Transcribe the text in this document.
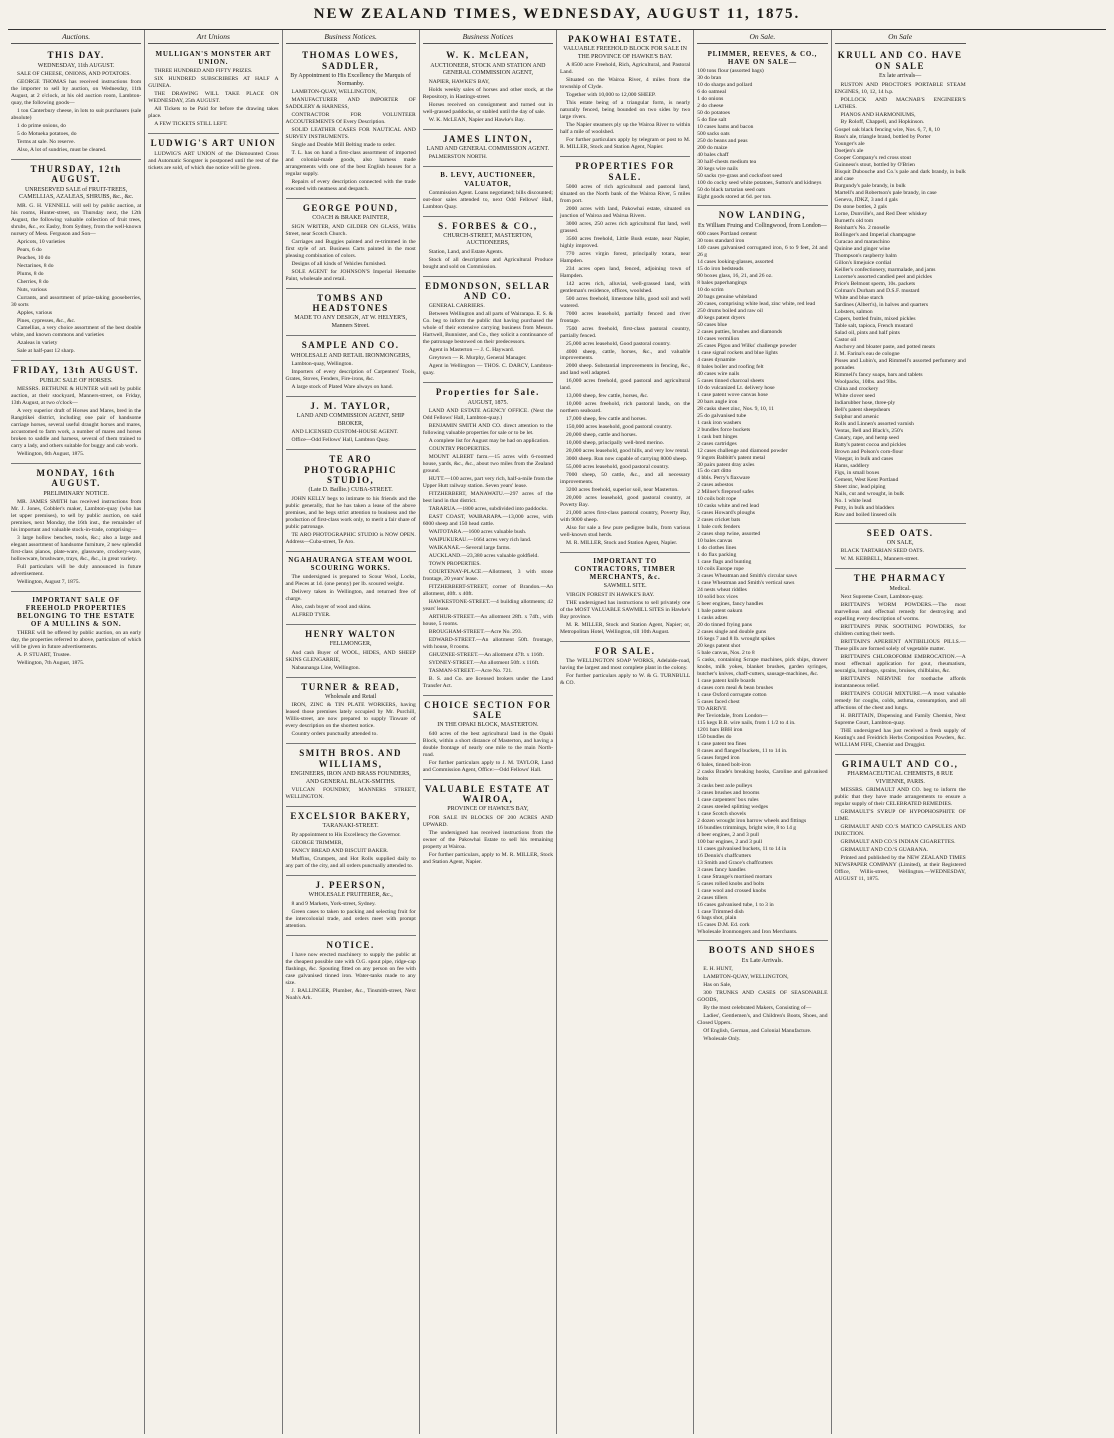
NEW ZEALAND TIMES, WEDNESDAY, AUGUST 11, 1875.
Auctions.
THIS DAY.
WEDNESDAY, 11th AUGUST.

SALE OF CHEESE, ONIONS, AND POTATOES.

GEORGE THOMAS has received instructions from the importer to sell by auction, on Wednesday, 11th August, at 2 o'clock, at his old auction room, Lambton-quay, the following goods—

1 ton Canterbury cheese, in lots to suit purchasers (sale absolute)

1 do prime onions, do

5 do Motueka potatoes, do

Terms at sale. No reserve.

Also, A lot of sundries, must be cleared.

THURSDAY, 12th AUGUST.
UNRESERVED SALE of FRUIT-TREES, CAMELLIAS, AZALEAS, SHRUBS, &c., &c.

MR. G. H. VENNELL will sell by public auction, at his rooms, Hunter-street, on Thursday next, the 12th August, the following valuable collection of fruit trees, shrubs, &c., ex Easby, from Sydney, from the well-known nursery of Mess. Ferguson and Son—

Apricots, 10 varieties

Pears, 6 do

Peaches, 10 do

Nectarines, 8 do

Plums, 8 do

Cherries, 8 do

Nuts, various

Currants, and assortment of prize-taking gooseberries, 30 sorts

Apples, various

Pines, cypresses, &c., &c.

Camellias, a very choice assortment of the best double white, and known commons and varieties

Azaleas in variety

Sale at half-past 12 sharp.

FRIDAY, 13th AUGUST.
PUBLIC SALE OF HORSES.

MESSRS. BETHUNE & HUNTER will sell by public auction, at their stockyard, Manners-street, on Friday, 13th August, at two o'clock—

A very superior draft of Horses and Mares, bred in the Rangitikei district, including one pair of handsome carriage horses, several useful draught horses and mares, accustomed to farm work, a number of mares and horses broken to saddle and harness, several of them trained to carry a lady, and others suitable for buggy and cab work.

Wellington, 6th August, 1875.

MONDAY, 16th AUGUST.
PRELIMINARY NOTICE.

MR. JAMES SMITH has received instructions from Mr. J. Jones, Cobbler's maker, Lambton-quay (who has let upper premises), to sell by public auction, on said premises, next Monday, the 16th inst., the remainder of his important and valuable stock-in-trade, comprising—

3 large hollow benches, tools, &c.; also a large and elegant assortment of handsome furniture, 2 new splendid first-class pianos, plate-ware, glassware, crockery-ware, hollowware, brushware, trays, &c., &c., in great variety.

Full particulars will be duly announced in future advertisement.

Wellington, August 7, 1875.

IMPORTANT SALE OF FREEHOLD PROPERTIES BELONGING TO THE ESTATE OF A MULLINS & SON.

THERE will be offered by public auction, on an early day, the properties referred to above, particulars of which will be given in future advertisements.

A. P. STUART, Trustee.

Wellington, 7th August, 1875.

Art Unions
MULLIGAN'S MONSTER ART UNION.

THREE HUNDRED AND FIFTY PRIZES.

SIX HUNDRED SUBSCRIBERS AT HALF A GUINEA.

THE DRAWING WILL TAKE PLACE ON WEDNESDAY, 25th AUGUST.

All Tickets to be Paid for before the drawing takes place.

A FEW TICKETS STILL LEFT.

LUDWIG'S ART UNION

LUDWIG'S ART UNION of the Dismounted Cross and Automatic Songster is postponed until the rest of the tickets are sold, of which due notice will be given.

Business Notices.
THOMAS LOWES, SADDLER,
By Appointment to His Excellency the Marquis of Normanby.

LAMBTON-QUAY, WELLINGTON,

MANUFACTURER AND IMPORTER OF SADDLERY & HARNESS,

CONTRACTOR FOR VOLUNTEER ACCOUTREMENTS Of Every Description.

SOLID LEATHER CASES FOR NAUTICAL AND SURVEY INSTRUMENTS.

Single and Double Mill Belting made to order.

T. L. has on hand a first-class assortment of imported and colonial-made goods, also harness made arrangements with one of the best English houses for a regular supply.

Repairs of every description connected with the trade executed with neatness and despatch.

GEORGE POUND,
COACH & BRAKE PAINTER,

SIGN WRITER, AND GILDER ON GLASS, Willis Street, near Scotch Church.

Carriages and Buggies painted and re-trimmed in the first style of art. Business Carts painted in the most pleasing combination of colors.

Designs of all kinds of Vehicles furnished.

SOLE AGENT for JOHNSON'S Imperial Hematite Paint, wholesale and retail.

TOMBS AND HEADSTONES
MADE TO ANY DESIGN, AT W. HELYER'S, Manners Street.
SAMPLE AND CO.
WHOLESALE AND RETAIL IRONMONGERS,

Lambton-quay, Wellington.

Importers of every description of Carpenters' Tools, Grates, Stoves, Fenders, Fire-irons, &c.

A large stock of Plated Ware always on hand.

J. M. TAYLOR,
LAND AND COMMISSION AGENT, SHIP BROKER,

AND LICENSED CUSTOM-HOUSE AGENT.

Office—Odd Fellows' Hall, Lambton Quay.

TE ARO PHOTOGRAPHIC STUDIO,
(Late D. Baillie.) CUBA-STREET.

JOHN KELLY begs to intimate to his friends and the public generally, that he has taken a lease of the above premises, and he begs strict attention to business and the production of first-class work only, to merit a fair share of public patronage.

TE ARO PHOTOGRAPHIC STUDIO is NOW OPEN. Address—Cuba-street, Te Aro.

NGAHAURANGA STEAM WOOL SCOURING WORKS.

The undersigned is prepared to Scour Wool, Locks, and Pieces at 1d. (one penny) per lb. scoured weight.

Delivery taken in Wellington, and returned free of charge.

Also, cash buyer of wool and skins.

ALFRED TYER.

HENRY WALTON
FELLMONGER,

And cash Buyer of WOOL, HIDES, AND SHEEP SKINS GLENGARRIE,

Nabaunanga Line, Wellington.

TURNER & READ,
Wholesale and Retail

IRON, ZINC & TIN PLATE WORKERS, having leased those premises lately occupied by Mr. Purchill, Willis-street, are now prepared to supply Tinware of every description on the shortest notice.

Country orders punctually attended to.

SMITH BROS. AND WILLIAMS,
ENGINEERS, IRON AND BRASS FOUNDERS, AND GENERAL BLACK-SMITHS.

VULCAN FOUNDRY, MANNERS STREET, WELLINGTON.

EXCELSIOR BAKERY,
TARANAKI-STREET.

By appointment to His Excellency the Governor.

GEORGE TRIMMER,

FANCY BREAD AND BISCUIT BAKER.

Muffins, Crumpets, and Hot Rolls supplied daily to any part of the city, and all orders punctually attended to.

J. PEERSON,
WHOLESALE FRUITERER, &c.,

8 and 9 Markets, York-street, Sydney.

Green cases to taken to packing and selecting fruit for the intercolonial trade, and orders meet with prompt attention.

NOTICE.

I have now erected machinery to supply the public at the cheapest possible rate with O.G. spout pipe, ridge-cap flashings, &c. Spouting fitted on any person on fee with case galvanised tinned iron. Water-tanks made to any size.

J. BALLINGER, Plumber, &c., Tinsmith-street, Next Noah's Ark.

Business Notices
W. K. McLEAN,
AUCTIONEER, STOCK AND STATION AND GENERAL COMMISSION AGENT,

NAPIER, HAWKE'S BAY,

Holds weekly sales of horses and other stock, at the Repository, in Hastings-street.

Horses received on consignment and turned out in well-grassed paddocks, or stabled until the day of sale.

W. K. McLEAN, Napier and Hawke's Bay.

JAMES LINTON,
LAND AND GENERAL COMMISSION AGENT.

PALMERSTON NORTH.

B. LEVY, AUCTIONEER, VALUATOR,

Commission Agent. Loans negotiated; bills discounted; out-door sales attended to, next Odd Fellows' Hall, Lambton Quay.

S. FORBES & CO.,
CHURCH-STREET, MASTERTON, AUCTIONEERS,

Station, Land, and Estate Agents.

Stock of all descriptions and Agricultural Produce bought and sold on Commission.

EDMONDSON, SELLAR AND CO.

GENERAL CARRIERS.

Between Wellington and all parts of Wairarapa. E. S. & Co. beg to inform the public that having purchased the whole of their extensive carrying business from Messrs. Hartwell, Bunnister, and Co., they solicit a continuance of the patronage bestowed on their predecessors.

Agent in Masterton — J. C. Hayward.

Greytown — R. Murphy, General Manager.

Agent in Wellington — THOS. C. DARCY, Lambton-quay.

Properties for Sale.
AUGUST, 1875.

LAND AND ESTATE AGENCY OFFICE. (Next the Odd Fellows' Hall, Lambton-quay.)

BENJAMIN SMITH AND CO. direct attention to the following valuable properties for sale or to be let.

A complete list for August may be had on application.

COUNTRY PROPERTIES.

MOUNT ALBERT farm.—15 acres with 6-roomed house, yards, &c., &c., about two miles from the Zealand ground.

HUTT.—100 acres, part very rich, half-a-mile from the Upper Hutt railway station. Seven years' lease.

FITZHERBERT, MANAWATU.—297 acres of the best land in that district.

TARARUA.—1800 acres, subdivided into paddocks.

EAST COAST, WAIRARAPA.—13,000 acres, with 6000 sheep and 150 head cattle.

WAITOTARA.—1600 acres valuable bush.

WAIPUKURAU.—1664 acres very rich land.

WAIKANAE.—Several large farms.

AUCKLAND.—23,380 acres valuable goldfield.

TOWN PROPERTIES.

COURTENAY-PLACE.—Allotment, 3 with stone frontage, 20 years' lease.

FITZHERBERT-STREET, corner of Brandon.—An allotment, 40ft. x 40ft.

HAWKESTONE-STREET.—4 building allotments; 42 years' lease.

ARTHUR-STREET.—An allotment 28ft. x 74ft., with house, 5 rooms.

BROUGHAM-STREET.—Acre No. 293.

EDWARD-STREET.—An allotment 50ft. frontage, with house, 8 rooms.

GHUZNEE-STREET.—An allotment 47ft. x 116ft.

SYDNEY-STREET.—An allotment 50ft. x 116ft.

TASMAN-STREET.—Acre No. 721.

B. S. and Co. are licensed brokers under the Land Transfer Act.

CHOICE SECTION FOR SALE
IN THE OPAKI BLOCK, MASTERTON.

640 acres of the best agricultural land in the Opaki Block, within a short distance of Masterton, and having a double frontage of nearly one mile to the main North-road.

For further particulars apply to J. M. TAYLOR, Land and Commission Agent, Office:—Odd Fellows' Hall.

VALUABLE ESTATE AT WAIROA,
PROVINCE OF HAWKE'S BAY,

FOR SALE IN BLOCKS OF 200 ACRES AND UPWARD.

The undersigned has received instructions from the owner of the Pakowhai Estate to sell his remaining property at Wairoa.

For further particulars, apply to M. R. MILLER, Stock and Station Agent, Napier.

PAKOWHAI ESTATE.
VALUABLE FREEHOLD BLOCK FOR SALE IN THE PROVINCE OF HAWKE'S BAY.

A 8500 acre Freehold, Rich, Agricultural, and Pastoral Land.

Situated on the Wairoa River, 4 miles from the township of Clyde.

Together with 10,000 to 12,000 SHEEP.

This estate being of a triangular form, is nearly naturally fenced, being bounded on two sides by two large rivers.

The Napier steamers ply up the Wairoa River to within half a mile of woolshed.

For further particulars apply by telegram or post to M. R. MILLER, Stock and Station Agent, Napier.

PROPERTIES FOR SALE.

5000 acres of rich agricultural and pastoral land, situated on the North bank of the Wairoa River, 5 miles from port.

2000 acres with land, Pakowhai estate, situated on junction of Wairoa and Wairua Rivers.

3000 acres, 250 acres rich agricultural flat land, well grassed.

3560 acres freehold, Little Bush estate, near Napier, highly improved.

770 acres virgin forest, principally totara, near Hampden.

234 acres open land, fenced, adjoining town of Hampden.

142 acres rich, alluvial, well-grassed land, with gentleman's residence, offices, woolshed.

500 acres freehold, limestone hills, good soil and well watered.

7000 acres leasehold, partially fenced and river frontage.

7500 acres freehold, first-class pastoral country, partially fenced.

25,000 acres leasehold, Good pastoral country.

4000 sheep, cattle, horses, &c., and valuable improvements.

2000 sheep. Substantial improvements in fencing, &c., and land well adapted.

16,000 acres freehold, good pastoral and agricultural land.

13,000 sheep, few cattle, horses, &c.

10,000 acres freehold, rich pastoral lands, on the northern seaboard.

17,000 sheep, few cattle and horses.

150,000 acres leasehold, good pastoral country.

20,000 sheep, cattle and horses.

10,000 sheep, principally well-bred merino.

20,000 acres leasehold, good hills, and very low rental.

3000 sheep. Run now capable of carrying 8000 sheep.

55,000 acres leasehold, good pastoral country.

7000 sheep, 50 cattle, &c., and all necessary improvements.

3200 acres freehold, superior soil, near Masterton.

20,000 acres leasehold, good pastoral country, at Poverty Bay.

21,000 acres first-class pastoral country, Poverty Bay, with 9000 sheep.

Also for sale a few pure pedigree bulls, from various well-known stud herds.

M. R. MILLER, Stock and Station Agent, Napier.

IMPORTANT TO CONTRACTORS, TIMBER MERCHANTS, &c.
SAWMILL SITE.

VIRGIN FOREST IN HAWKE'S BAY.

THE undersigned has instructions to sell privately one of the MOST VALUABLE SAWMILL SITES in Hawke's Bay province.

M. R. MILLER, Stock and Station Agent, Napier; or, Metropolitan Hotel, Wellington, till 10th August.

FOR SALE.

The WELLINGTON SOAP WORKS, Adelaide-road, having the largest and most complete plant in the colony.

For further particulars apply to W. & G. TURNBULL & CO.

On Sale.
PLIMMER, REEVES, & CO., HAVE ON SALE—

100 tons flour (assorted bags)

30 do bran

10 do sharps and pollard

6 do oatmeal

1 do onions

2 do cheese

50 do potatoes

5 do fine salt

10 cases hams and bacon

500 sacks oats

250 do beans and peas

200 do maize

40 bales chaff

30 half-chests medium tea

30 kegs wire nails

50 sacks rye-grass and cocksfoot seed

100 do cocky seed white potatoes, Sutton's and kidneys

50 do black tartarian seed oats

Eight goods stored at 6d. per ton.

NOW LANDING,
Ex William Fruing and Collingwood, from London—

600 cases Portland cement

30 tons standard iron

140 cases galvanised corrugated iron, 6 to 9 feet, 24 and 26 g

14 cases looking-glasses, assorted

15 do iron bedsteads

90 boxes glass, 16, 21, and 26 oz.

8 bales paperhangings

10 do scrim

20 bags genuine whiteland

20 cases, comprising white lead, zinc white, red lead

250 drums boiled and raw oil

40 kegs patent dryers

50 cases blue

2 cases putties, brushes and diamonds

10 cases vermilion

25 cases Pigou and Wilks' challenge powder

1 case signal rockets and blue lights

4 cases dynamite

8 bales boiler and roofing felt

40 cases wire nails

5 cases tinned charcoal sheets

10 do vulcanized Lt. delivery hose

1 case patent wove canvas hose

20 bars angle iron

28 casks sheet zinc, Nos. 9, 10, 11

25 do galvanised tube

1 cask iron washers

2 bundles force buckets

1 cask butt hinges

2 cases cartridges

12 cases challenge and diamond powder

9 ingots Babbitt's patent metal

30 pairs patent dray axles

15 do cart ditto

4 bbls. Perry's flaxware

2 cases asbestos

2 Milner's fireproof safes

10 coils bolt rope

10 casks white and red lead

5 cases Howard's ploughs

2 cases cricket bats

1 bale cork fenders

2 cases shop twine, assorted

10 bales canvas

1 do clothes lines

1 do flax packing

1 case flags and bunting

10 coils Europe rope

3 cases Wheatman and Smith's circular saws

1 case Wheatman and Smith's vertical saws

24 nests wheat riddles

10 solid box vices

5 beer engines, fancy handles

1 bale patent oakum

1 casks adzes

20 do tinned frying pans

2 cases single and double guns

16 kegs 7 and 8 lb. wrought spikes

20 kegs patent shot

5 bale canvas, Nos. 2 to 8

5 casks, containing Scrape machines, pick ships, drawer knobs, milk yokes, blanket brushes, garden syringes, butcher's knives, chaff-cutters, sausage-machines, &c.

1 case patent knife boards

4 cases corn meal & bean brushes

1 case Oxford corrugate cotton

5 cases faced chest

TO ARRIVE

Per Teviotdale, from London—

115 kegs B.B. wire nails, from 1 1/2 to 4 in.

1201 bars BBH iron

150 bundles do

1 case patent tea fines

8 cases and flanged buckets, 11 to 14 in.

5 cases forged iron

6 bales, tinned bolt-iron

2 casks Brade's breaking hooks, Caroline and galvanised bolts

3 casks best axle pulleys

3 cases brushes and brooms

1 case carpenters' box rules

2 cases steeled splitting wedges

1 case Scotch shovels

2 dozen wrought iron barrow wheels and fittings

16 bundles trimmings, bright wire, 8 to 14 g

4 beer engines, 2 and 3 pull

100 bar engines, 2 and 3 pull

11 cases galvanised buckets, 11 to 14 in

16 Dennis's chaffcutters

13 Smith and Grace's chaffcutters

3 cases fancy handles

1 case Strange's mortised mortars

5 cases rolled knobs and bolts

1 case wool and crossed knobs

2 cases tillers

16 cases galvanised tube, 1 to 3 in

1 case Trimmed dish

6 bags shot, plain

15 cases D.M. Ed. cork

Wholesale Ironmongers and Iron Merchants.

BOOTS AND SHOES
Ex Late Arrivals.

E. H. HUNT,

LAMBTON-QUAY, WELLINGTON,

Has on Sale,

300 TRUNKS AND CASES OF SEASONABLE GOODS,

By the most celebrated Makers, Consisting of—

Ladies', Gentlemen's, and Children's Boots, Shoes, and Closed Uppers.

Of English, German, and Colonial Manufacture.

Wholesale Only.

On Sale
KRULL AND CO. HAVE ON SALE
Ex late arrivals—

RUSTON AND PROCTOR'S PORTABLE STEAM ENGINES, 10, 12, 14 h.p.

POLLOCK AND MACNAB'S ENGINEER'S LATHES.

PIANOS AND HARMONIUMS,

By Roloff, Chappell, and Hopkinson.

Gospel oak black fencing wire, Nos. 6, 7, 8, 10

Bass's ale, triangle brand, bottled by Porter

Younger's ale

Doetjen's ale

Cooper Company's red cross stout

Guinness's stout, bottled by O'Brien

Bisquit Dubouche and Co.'s pale and dark brandy, in bulk and case

Burgundy's pale brandy, in bulk

Martell's and Robertson's pale brandy, in case

Geneva, JDKZ, 3 and 4 gals

Do stone bottles, 2 gals

Lorne, Dunville's, and Red Deer whiskey

Burnett's old tom

Reinhart's No. 2 moselle

Bollinger's and Imperial champagne

Curacao and maraschino

Quinine and ginger wine

Thompson's raspberry balm

Gillon's limejuice cordial

Keiller's confectionery, marmalade, and jams

Lucerne's assorted candied peel and pickles

Price's Belmont sperm, 10s. packets

Colman's Durham and D.S.F. mustard

White and blue starch

Sardines (Albert's), in halves and quarters

Lobsters, salmon

Capers, bottled fruits, mixed pickles

Table salt, tapioca, French mustard

Salad oil, pints and half pints

Castor oil

Anchovy and bloater paste, and potted meats

J. M. Farina's eau de cologne

Pisses and Lubin's, and Rimmell's assorted perfumery and pomades

Rimmell's fancy soaps, bars and tablets

Woolpacks, 10lbs. and 9lbs.

China and crockery

White clover seed

Indiarubber hose, three-ply

Bell's patent sheepshears

Sulphur and arsenic

Rolls and Linnen's assorted varnish

Ventas, Bell and Black's, 250's

Canary, rape, and hemp seed

Batty's patent cocoa and pickles

Brown and Polson's corn-flour

Vinegar, in bulk and cases

Hams, saddlery

Figs, in small boxes

Cement, West Kent Portland

Sheet zinc, lead piping

Nails, cut and wrought, in bulk

No. 1 white lead

Putty, in bulk and bladders

Raw and boiled linseed oils

SEED OATS.
ON SALE,

BLACK TARTARIAN SEED OATS.

W. M. KEBBELL, Manners-street.

THE PHARMACY
Medical.

Next Supreme Court, Lambton-quay.

BRITTAIN'S WORM POWDERS.—The most marvellous and effectual remedy for destroying and expelling every description of worms.

BRITTAIN'S PINK SOOTHING POWDERS, for children cutting their teeth.

BRITTAIN'S APERIENT ANTIBILIOUS PILLS.—These pills are formed solely of vegetable matter.

BRITTAIN'S CHLOROFORM EMBROCATION.—A most effectual application for gout, rheumatism, neuralgia, lumbago, sprains, bruises, chilblains, &c.

BRITTAIN'S NERVINE for toothache affords instantaneous relief.

BRITTAIN'S COUGH MIXTURE.—A most valuable remedy for coughs, colds, asthma, consumption, and all affections of the chest and lungs.

H. BRITTAIN, Dispensing and Family Chemist, Next Supreme Court, Lambton-quay.

THE undersigned has just received a fresh supply of Keating's and Freidrich Herbs Composition Powders, &c. WILLIAM FIFE, Chemist and Druggist.

GRIMAULT AND CO.,
PHARMACEUTICAL CHEMISTS, 8 RUE VIVIENNE, PARIS.

MESSRS. GRIMAULT AND CO. beg to inform the public that they have made arrangements to ensure a regular supply of their CELEBRATED REMEDIES.

GRIMAULT'S SYRUP OF HYPOPHOSPHITE OF LIME.

GRIMAULT AND CO.'S MATICO CAPSULES AND INJECTION.

GRIMAULT AND CO.'S INDIAN CIGARETTES.

GRIMAULT AND CO.'S GUARANA.

Printed and published by the NEW ZEALAND TIMES NEWSPAPER COMPANY (Limited), at their Registered Office, Willis-street, Wellington.—WEDNESDAY, AUGUST 11, 1875.
